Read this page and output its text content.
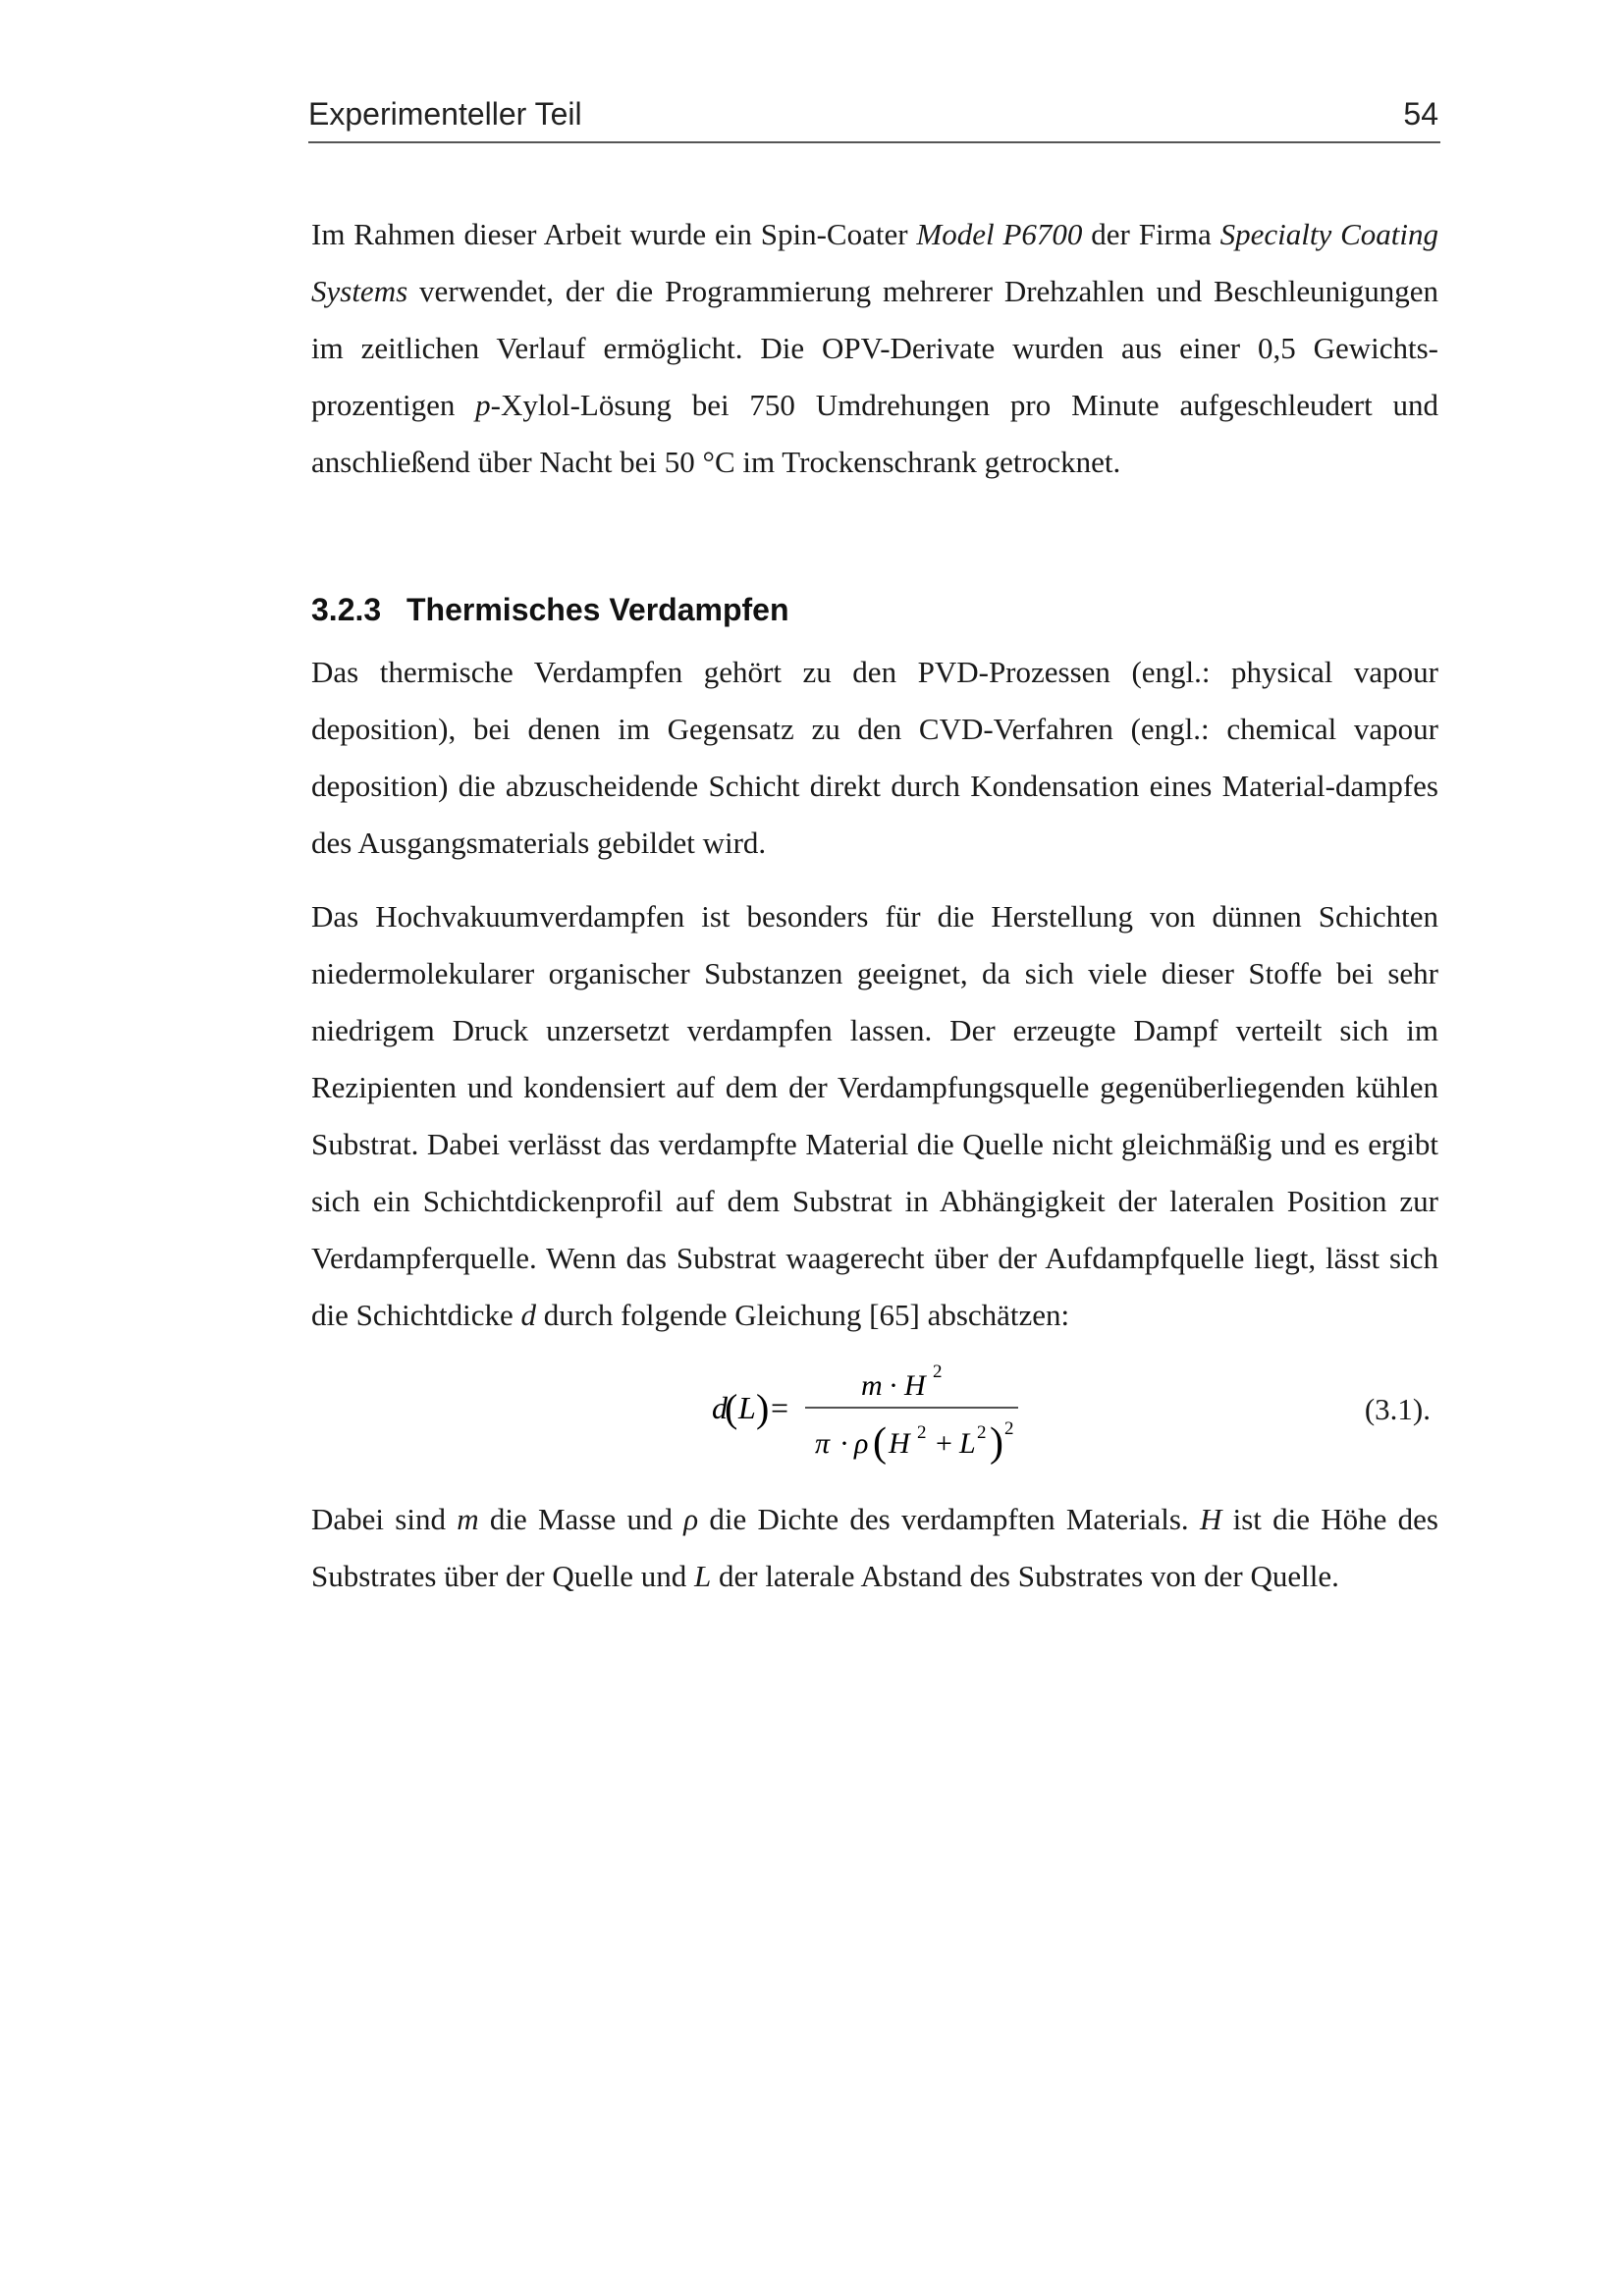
Experimenteller Teil	54

Im Rahmen dieser Arbeit wurde ein Spin-Coater Model P6700 der Firma Specialty Coating Systems verwendet, der die Programmierung mehrerer Drehzahlen und Beschleunigungen im zeitlichen Verlauf ermöglicht. Die OPV-Derivate wurden aus einer 0,5 Gewichts-prozentigen p-Xylol-Lösung bei 750 Umdrehungen pro Minute aufgeschleudert und anschließend über Nacht bei 50 °C im Trockenschrank getrocknet.

3.2.3 Thermisches Verdampfen

Das thermische Verdampfen gehört zu den PVD-Prozessen (engl.: physical vapour deposition), bei denen im Gegensatz zu den CVD-Verfahren (engl.: chemical vapour deposition) die abzuscheidende Schicht direkt durch Kondensation eines Material-dampfes des Ausgangsmaterials gebildet wird.

Das Hochvakuumverdampfen ist besonders für die Herstellung von dünnen Schichten niedermolekularer organischer Substanzen geeignet, da sich viele dieser Stoffe bei sehr niedrigem Druck unzersetzt verdampfen lassen. Der erzeugte Dampf verteilt sich im Rezipienten und kondensiert auf dem der Verdampfungsquelle gegenüberliegenden kühlen Substrat. Dabei verlässt das verdampfte Material die Quelle nicht gleichmäßig und es ergibt sich ein Schichtdickenprofil auf dem Substrat in Abhängigkeit der lateralen Position zur Verdampferquelle. Wenn das Substrat waagerecht über der Aufdampfquelle liegt, lässt sich die Schichtdicke d durch folgende Gleichung [65] abschätzen:

d
( L ) =
m · H 2
π · ρ ( H 2 + L 2 ) 2
(3.1).

Dabei sind m die Masse und ρ die Dichte des verdampften Materials. H ist die Höhe des Substrates über der Quelle und L der laterale Abstand des Substrates von der Quelle.
